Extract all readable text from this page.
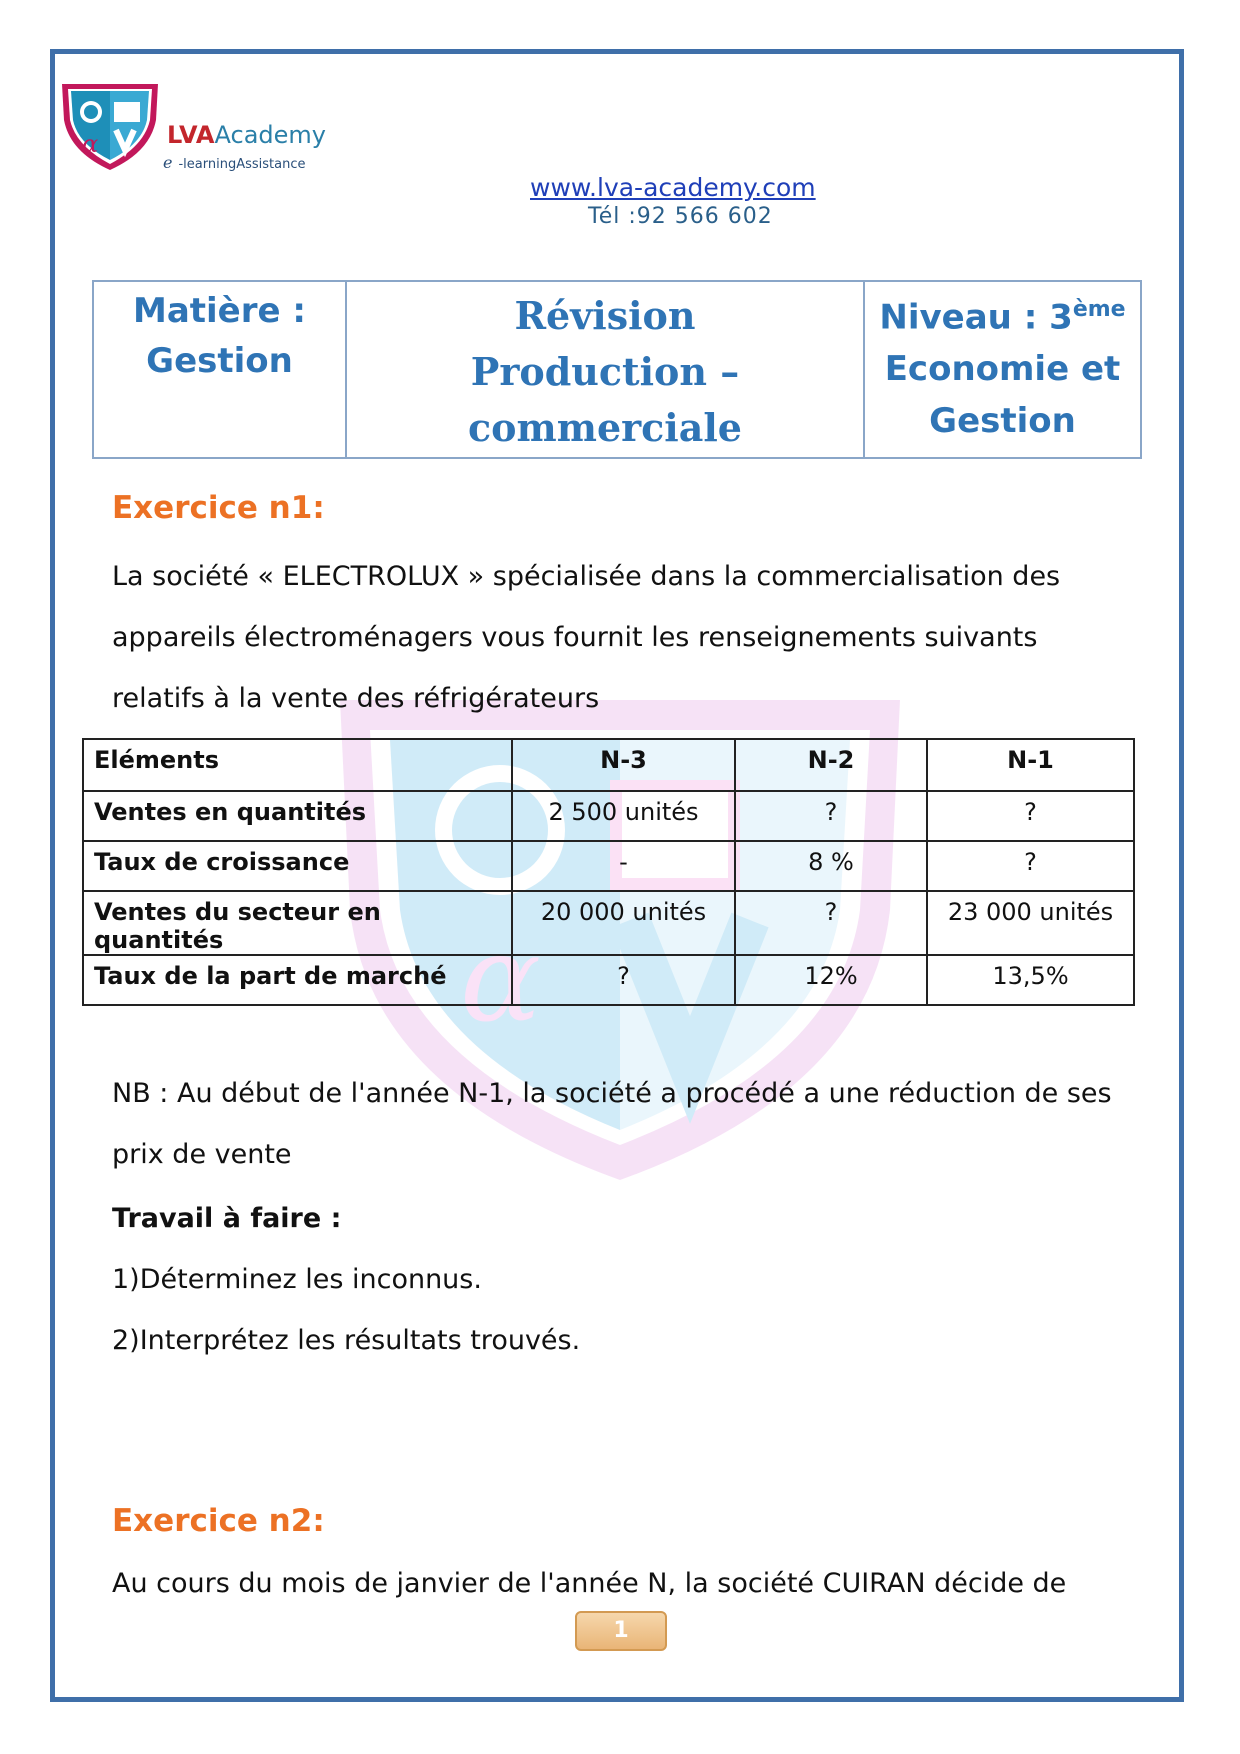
α
α	LVAAcademy
e -learningAssistance
www.lva-academy.com
Tél :92 566 602
Matière :
Gestion

Révision
Production – commerciale

Niveau : 3ème
Economie et
Gestion
Exercice n1:
La société « ELECTROLUX » spécialisée dans la commercialisation des
appareils électroménagers vous fournit les renseignements suivants
relatifs à la vente des réfrigérateurs
Eléments	N-3	N-2	N-1
Ventes en quantités	2 500 unités	?	?
Taux de croissance	-	8 %	?
Ventes du secteur en quantités	20 000 unités	?	23 000 unités
Taux de la part de marché	?	12%	13,5%
NB : Au début de l'année N-1, la société a procédé a une réduction de ses
prix de vente
Travail à faire :
1)Déterminez les inconnus.
2)Interprétez les résultats trouvés.
Exercice n2:
Au cours du mois de janvier de l'année N, la société CUIRAN décide de
1
